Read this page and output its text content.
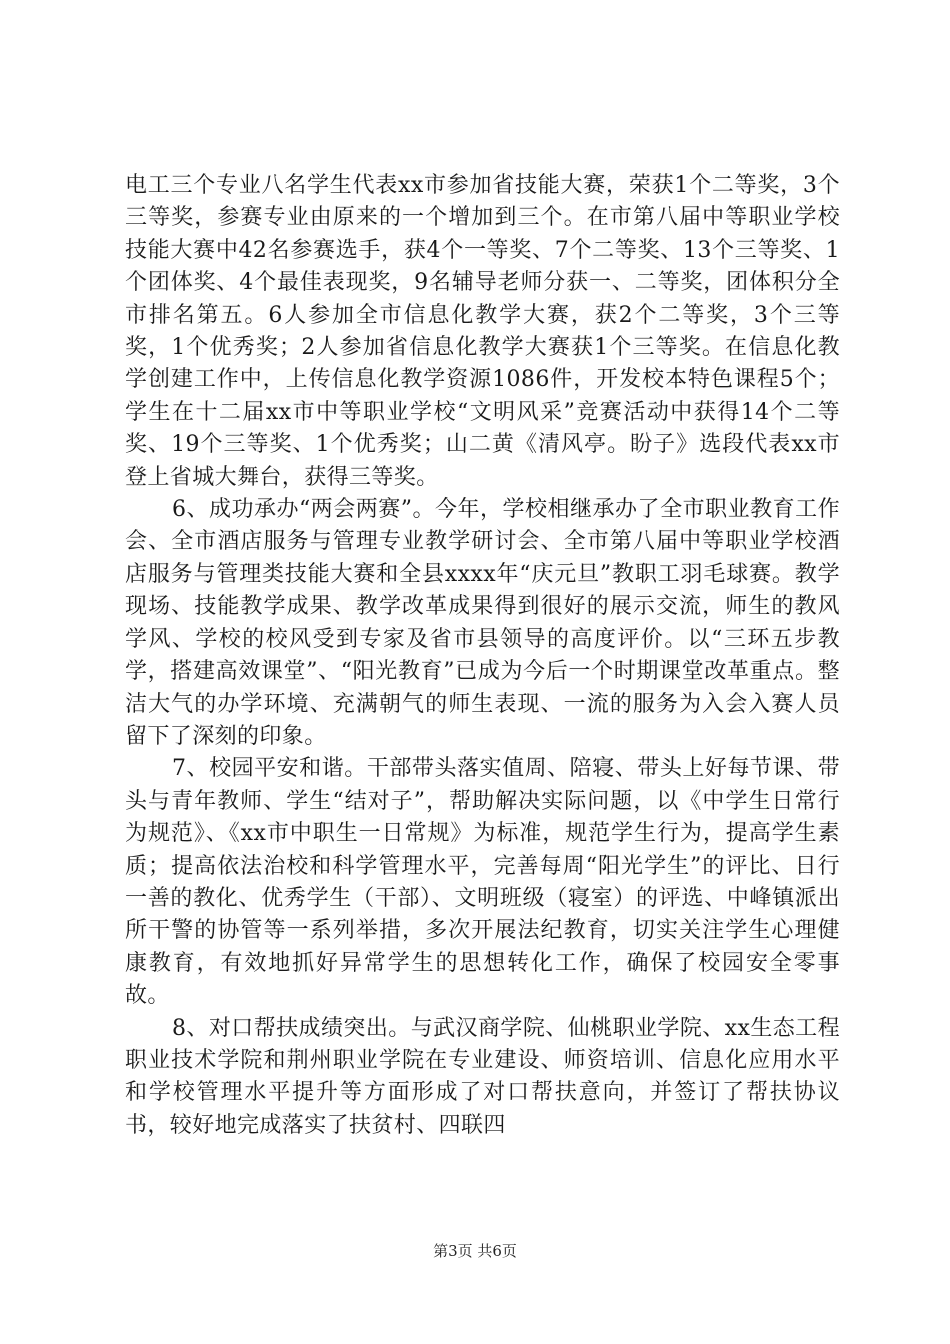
电工三个专业八名学生代表xx市参加省技能大赛，荣获1个二等奖，3个三等奖，参赛专业由原来的一个增加到三个。在市第八届中等职业学校技能大赛中42名参赛选手，获4个一等奖、7个二等奖、13个三等奖、1个团体奖、4个最佳表现奖，9名辅导老师分获一、二等奖，团体积分全市排名第五。6人参加全市信息化教学大赛，获2个二等奖，3个三等奖，1个优秀奖；2人参加省信息化教学大赛获1个三等奖。在信息化教学创建工作中，上传信息化教学资源1086件，开发校本特色课程5个；学生在十二届xx市中等职业学校“文明风采”竞赛活动中获得14个二等奖、19个三等奖、1个优秀奖；山二黄《清风亭。盼子》选段代表xx市登上省城大舞台，获得三等奖。

6、成功承办“两会两赛”。今年，学校相继承办了全市职业教育工作会、全市酒店服务与管理专业教学研讨会、全市第八届中等职业学校酒店服务与管理类技能大赛和全县xxxx年“庆元旦”教职工羽毛球赛。教学现场、技能教学成果、教学改革成果得到很好的展示交流，师生的教风学风、学校的校风受到专家及省市县领导的高度评价。以“三环五步教学，搭建高效课堂”、“阳光教育”已成为今后一个时期课堂改革重点。整洁大气的办学环境、充满朝气的师生表现、一流的服务为入会入赛人员留下了深刻的印象。

7、校园平安和谐。干部带头落实值周、陪寝、带头上好每节课、带头与青年教师、学生“结对子”，帮助解决实际问题，以《中学生日常行为规范》、《xx市中职生一日常规》为标准，规范学生行为，提高学生素质；提高依法治校和科学管理水平，完善每周“阳光学生”的评比、日行一善的教化、优秀学生（干部）、文明班级（寝室）的评选、中峰镇派出所干警的协管等一系列举措，多次开展法纪教育，切实关注学生心理健康教育，有效地抓好异常学生的思想转化工作，确保了校园安全零事故。

8、对口帮扶成绩突出。与武汉商学院、仙桃职业学院、xx生态工程职业技术学院和荆州职业学院在专业建设、师资培训、信息化应用水平和学校管理水平提升等方面形成了对口帮扶意向，并签订了帮扶协议书，较好地完成落实了扶贫村、四联四

第3页 共6页
